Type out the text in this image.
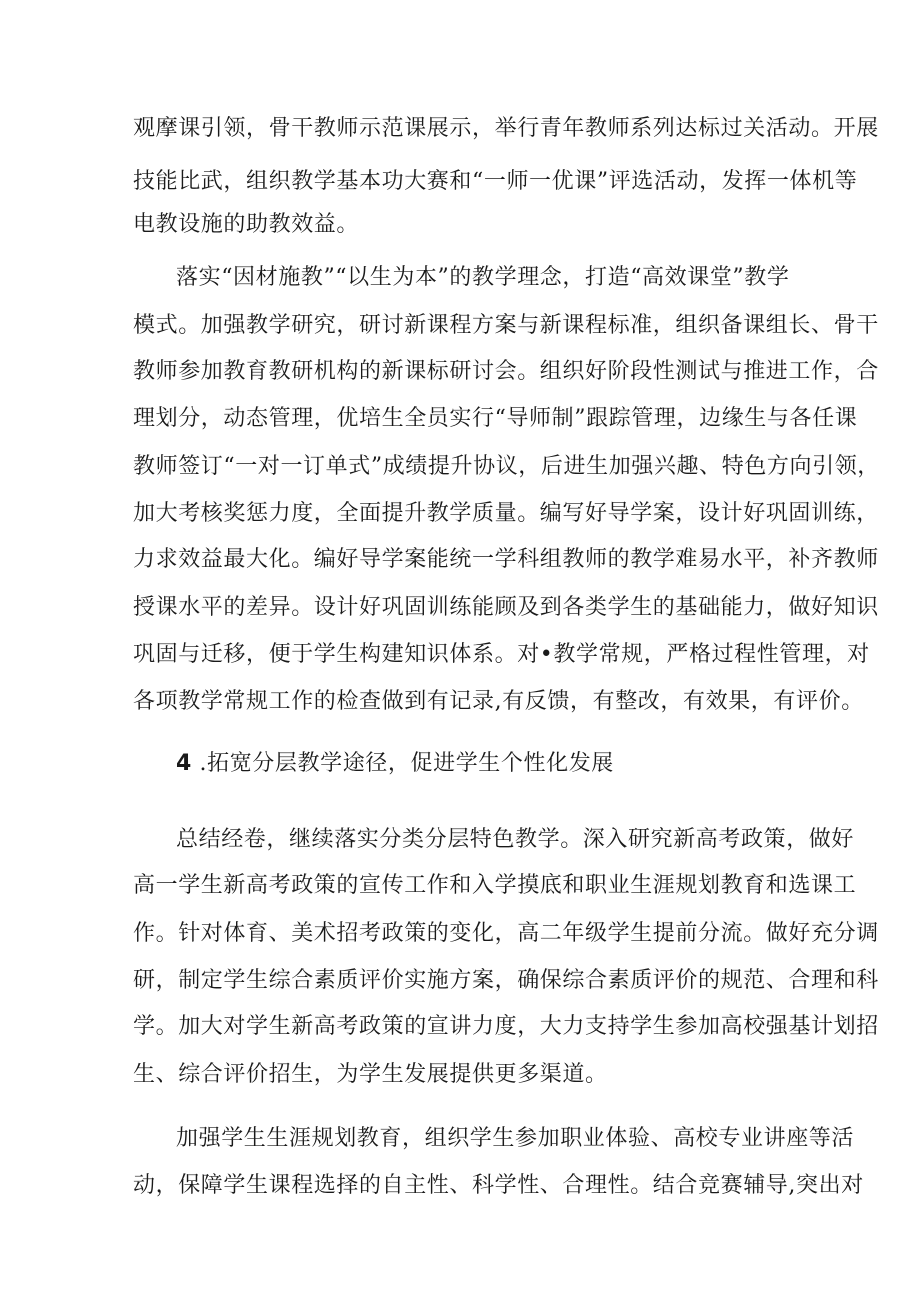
观摩课引领，骨干教师示范课展示，举行青年教师系列达标过关活动。开展
技能比武，组织教学基本功大赛和“一师一优课”评选活动，发挥一体机等
电教设施的助教效益。
落实“因材施教”“以生为本”的教学理念，打造“高效课堂”教学
模式。加强教学研究，研讨新课程方案与新课程标准，组织备课组长、骨干
教师参加教育教研机构的新课标研讨会。组织好阶段性测试与推进工作，合
理划分，动态管理，优培生全员实行“导师制”跟踪管理，边缘生与各任课
教师签订“一对一订单式”成绩提升协议，后进生加强兴趣、特色方向引领，
加大考核奖惩力度，全面提升教学质量。编写好导学案，设计好巩固训练，
力求效益最大化。编好导学案能统一学科组教师的教学难易水平，补齐教师
授课水平的差异。设计好巩固训练能顾及到各类学生的基础能力，做好知识
巩固与迁移，便于学生构建知识体系。对•教学常规，严格过程性管理，对
各项教学常规工作的检查做到有记录,有反馈，有整改，有效果，有评价。
4 .拓宽分层教学途径，促进学生个性化发展
总结经卷，继续落实分类分层特色教学。深入研究新高考政策，做好
高一学生新高考政策的宣传工作和入学摸底和职业生涯规划教育和选课工
作。针对体育、美术招考政策的变化，高二年级学生提前分流。做好充分调
研，制定学生综合素质评价实施方案，确保综合素质评价的规范、合理和科
学。加大对学生新高考政策的宣讲力度，大力支持学生参加高校强基计划招
生、综合评价招生，为学生发展提供更多渠道。
加强学生生涯规划教育，组织学生参加职业体验、高校专业讲座等活
动，保障学生课程选择的自主性、科学性、合理性。结合竞赛辅导,突出对
